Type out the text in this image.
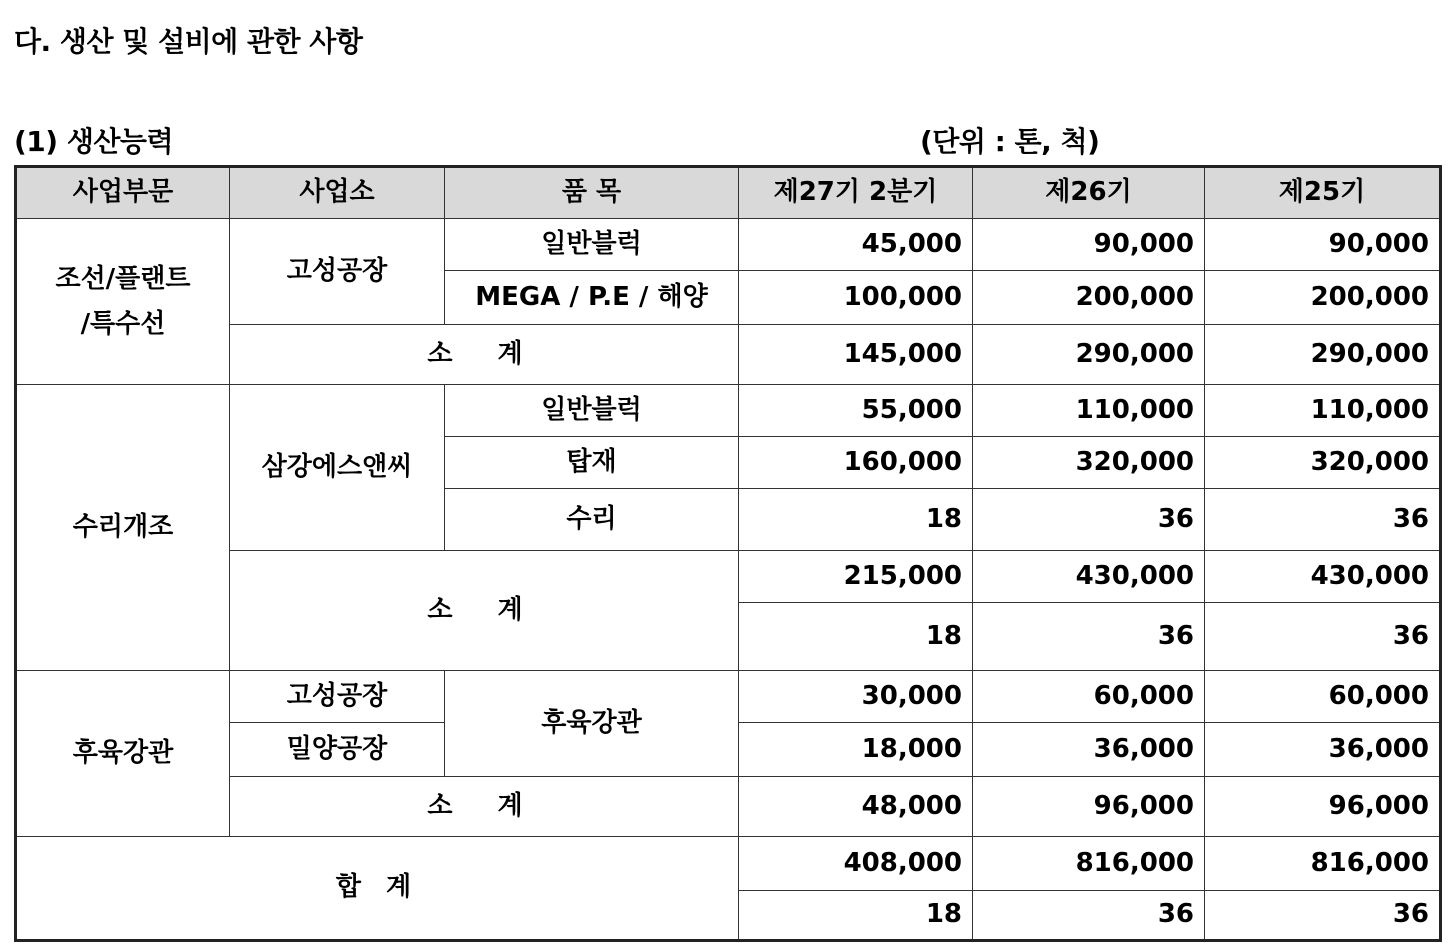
다. 생산 및 설비에 관한 사항
(1) 생산능력	(단위 : 톤, 척)
사업부문	사업소	품 목	제27기 2분기	제26기	제25기
조선/플랜트
/특수선	고성공장	일반블럭	45,000	90,000	90,000
		MEGA / P.E / 해양	100,000	200,000	200,000
	소 계		145,000	290,000	290,000
수리개조	삼강에스앤씨	일반블럭	55,000	110,000	110,000
		탑재	160,000	320,000	320,000
		수리	18	36	36
	소 계		215,000	430,000	430,000
			18	36	36
후육강관	고성공장	후육강관	30,000	60,000	60,000
	밀양공장		18,000	36,000	36,000
	소 계		48,000	96,000	96,000
합 계			408,000	816,000	816,000
			18	36	36
